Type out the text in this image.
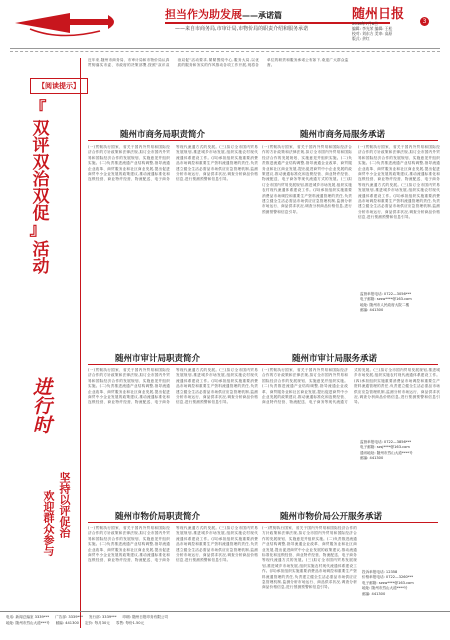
担当作为助发展——承诺篇
——来自市商务局,市审计局,市物价局的职责介绍和服务承诺
随州日报
2016年7月6日
编辑: 李光荣 编辑: 王松
校对: 刘东方 美审: 高原
版式: 余红
3
【阅读提示】
『
双评双治双促
』
活动
进行时
坚持以评促治
欢迎群众参与
近年来,随州市商务局、市审计局和市物价局认真贯彻落实市委、市政府的决策部署,按照"双评双治双促"活动要求,紧紧围绕中心,服务大局,以优质的服务和务实的作风推动各项工作开展,现将各单位的职责和服务承诺公布如下,欢迎广大群众监督。
随州市商务局职责简介	随州市商务局服务承诺
(一)贯彻执行国家、省关于国内外贸易和国际经济合作的方针政策和法律法规,拟订全市国内外贸易和国际经济合作的发展规划、实施意见并组织实施。(二)负责推进流通产业结构调整,指导流通企业改革、商贸服务业和社区商业发展,提出促进商贸中小企业发展的政策建议,推动流通标准化和连锁经营、商业特许经营、物流配送、电子商务等现代流通方式的发展。(三)拟订全市国内贸易发展规划,推进城乡市场发展,组织实施农村现代流通体系建设工作。(四)承担组织实施重要消费品市场调控和重要生产资料流通管理的责任,负责建立健全生活必需品市场供应应急管理机制,监测分析市场运行、商品供求状况,调查分析商品价格信息,进行预测预警和信息引导。
(一)贯彻执行国家、省关于国内外贸易和国际经济合作的方针政策和法律法规,拟订全市国内外贸易和国际经济合作的发展规划、实施意见并组织实施。(二)负责推进流通产业结构调整,指导流通企业改革、商贸服务业和社区商业发展,提出促进商贸中小企业发展的政策建议,推动流通标准化和连锁经营、商业特许经营、物流配送、电子商务等现代流通方式的发展。(三)拟订全市国内贸易发展规划,推进城乡市场发展,组织实施农村现代流通体系建设工作。(四)承担组织实施重要消费品市场调控和重要生产资料流通管理的责任,负责建立健全生活必需品市场供应应急管理机制,监测分析市场运行、商品供求状况,调查分析商品价格信息,进行预测预警和信息引导。
(一)贯彻执行国家、省关于国内外贸易和国际经济合作的方针政策和法律法规,拟订全市国内外贸易和国际经济合作的发展规划、实施意见并组织实施。(二)负责推进流通产业结构调整,指导流通企业改革、商贸服务业和社区商业发展,提出促进商贸中小企业发展的政策建议,推动流通标准化和连锁经营、商业特许经营、物流配送、电子商务等现代流通方式的发展。(三)拟订全市国内贸易发展规划,推进城乡市场发展,组织实施农村现代流通体系建设工作。(四)承担组织实施重要消费品市场调控和重要生产资料流通管理的责任,负责建立健全生活必需品市场供应应急管理机制,监测分析市场运行、商品供求状况,调查分析商品价格信息,进行预测预警和信息引导。
监督举报电话: 0722—3056***
电子邮箱: szsw****@163.com
地址: 随州市人民政府大院二楼
邮编: 441300
随州市审计局职责简介	随州市审计局服务承诺
(一)贯彻执行国家、省关于国内外贸易和国际经济合作的方针政策和法律法规,拟订全市国内外贸易和国际经济合作的发展规划、实施意见并组织实施。(二)负责推进流通产业结构调整,指导流通企业改革、商贸服务业和社区商业发展,提出促进商贸中小企业发展的政策建议,推动流通标准化和连锁经营、商业特许经营、物流配送、电子商务等现代流通方式的发展。(三)拟订全市国内贸易发展规划,推进城乡市场发展,组织实施农村现代流通体系建设工作。(四)承担组织实施重要消费品市场调控和重要生产资料流通管理的责任,负责建立健全生活必需品市场供应应急管理机制,监测分析市场运行、商品供求状况,调查分析商品价格信息,进行预测预警和信息引导。
(一)贯彻执行国家、省关于国内外贸易和国际经济合作的方针政策和法律法规,拟订全市国内外贸易和国际经济合作的发展规划、实施意见并组织实施。(二)负责推进流通产业结构调整,指导流通企业改革、商贸服务业和社区商业发展,提出促进商贸中小企业发展的政策建议,推动流通标准化和连锁经营、商业特许经营、物流配送、电子商务等现代流通方式的发展。(三)拟订全市国内贸易发展规划,推进城乡市场发展,组织实施农村现代流通体系建设工作。(四)承担组织实施重要消费品市场调控和重要生产资料流通管理的责任,负责建立健全生活必需品市场供应应急管理机制,监测分析市场运行、商品供求状况,调查分析商品价格信息,进行预测预警和信息引导。
监督举报电话: 0722—3856***
电子邮箱: szsj****@163.com
通讯地址: 随州市烈山大道****号
邮编: 441300
随州市物价局职责简介	随州市物价局公开服务承诺
(一)贯彻执行国家、省关于国内外贸易和国际经济合作的方针政策和法律法规,拟订全市国内外贸易和国际经济合作的发展规划、实施意见并组织实施。(二)负责推进流通产业结构调整,指导流通企业改革、商贸服务业和社区商业发展,提出促进商贸中小企业发展的政策建议,推动流通标准化和连锁经营、商业特许经营、物流配送、电子商务等现代流通方式的发展。(三)拟订全市国内贸易发展规划,推进城乡市场发展,组织实施农村现代流通体系建设工作。(四)承担组织实施重要消费品市场调控和重要生产资料流通管理的责任,负责建立健全生活必需品市场供应应急管理机制,监测分析市场运行、商品供求状况,调查分析商品价格信息,进行预测预警和信息引导。
(一)贯彻执行国家、省关于国内外贸易和国际经济合作的方针政策和法律法规,拟订全市国内外贸易和国际经济合作的发展规划、实施意见并组织实施。(二)负责推进流通产业结构调整,指导流通企业改革、商贸服务业和社区商业发展,提出促进商贸中小企业发展的政策建议,推动流通标准化和连锁经营、商业特许经营、物流配送、电子商务等现代流通方式的发展。(三)拟订全市国内贸易发展规划,推进城乡市场发展,组织实施农村现代流通体系建设工作。(四)承担组织实施重要消费品市场调控和重要生产资料流通管理的责任,负责建立健全生活必需品市场供应应急管理机制,监测分析市场运行、商品供求状况,调查分析商品价格信息,进行预测预警和信息引导。
投诉举报电话: 12358
价格举报电话: 0722—3260***
电子邮箱: szsw****@163.com
地址: 随州市烈山大道****号
邮编: 441300
电话: 新闻总编室 3339*** 广告部: 3339*** 发行部: 3339*** 印刷: 随州日报印务有限公司
地址: 随州市烈山大道***号 邮编: 441300 定价: 每月30元 零售: 每份1.50元
